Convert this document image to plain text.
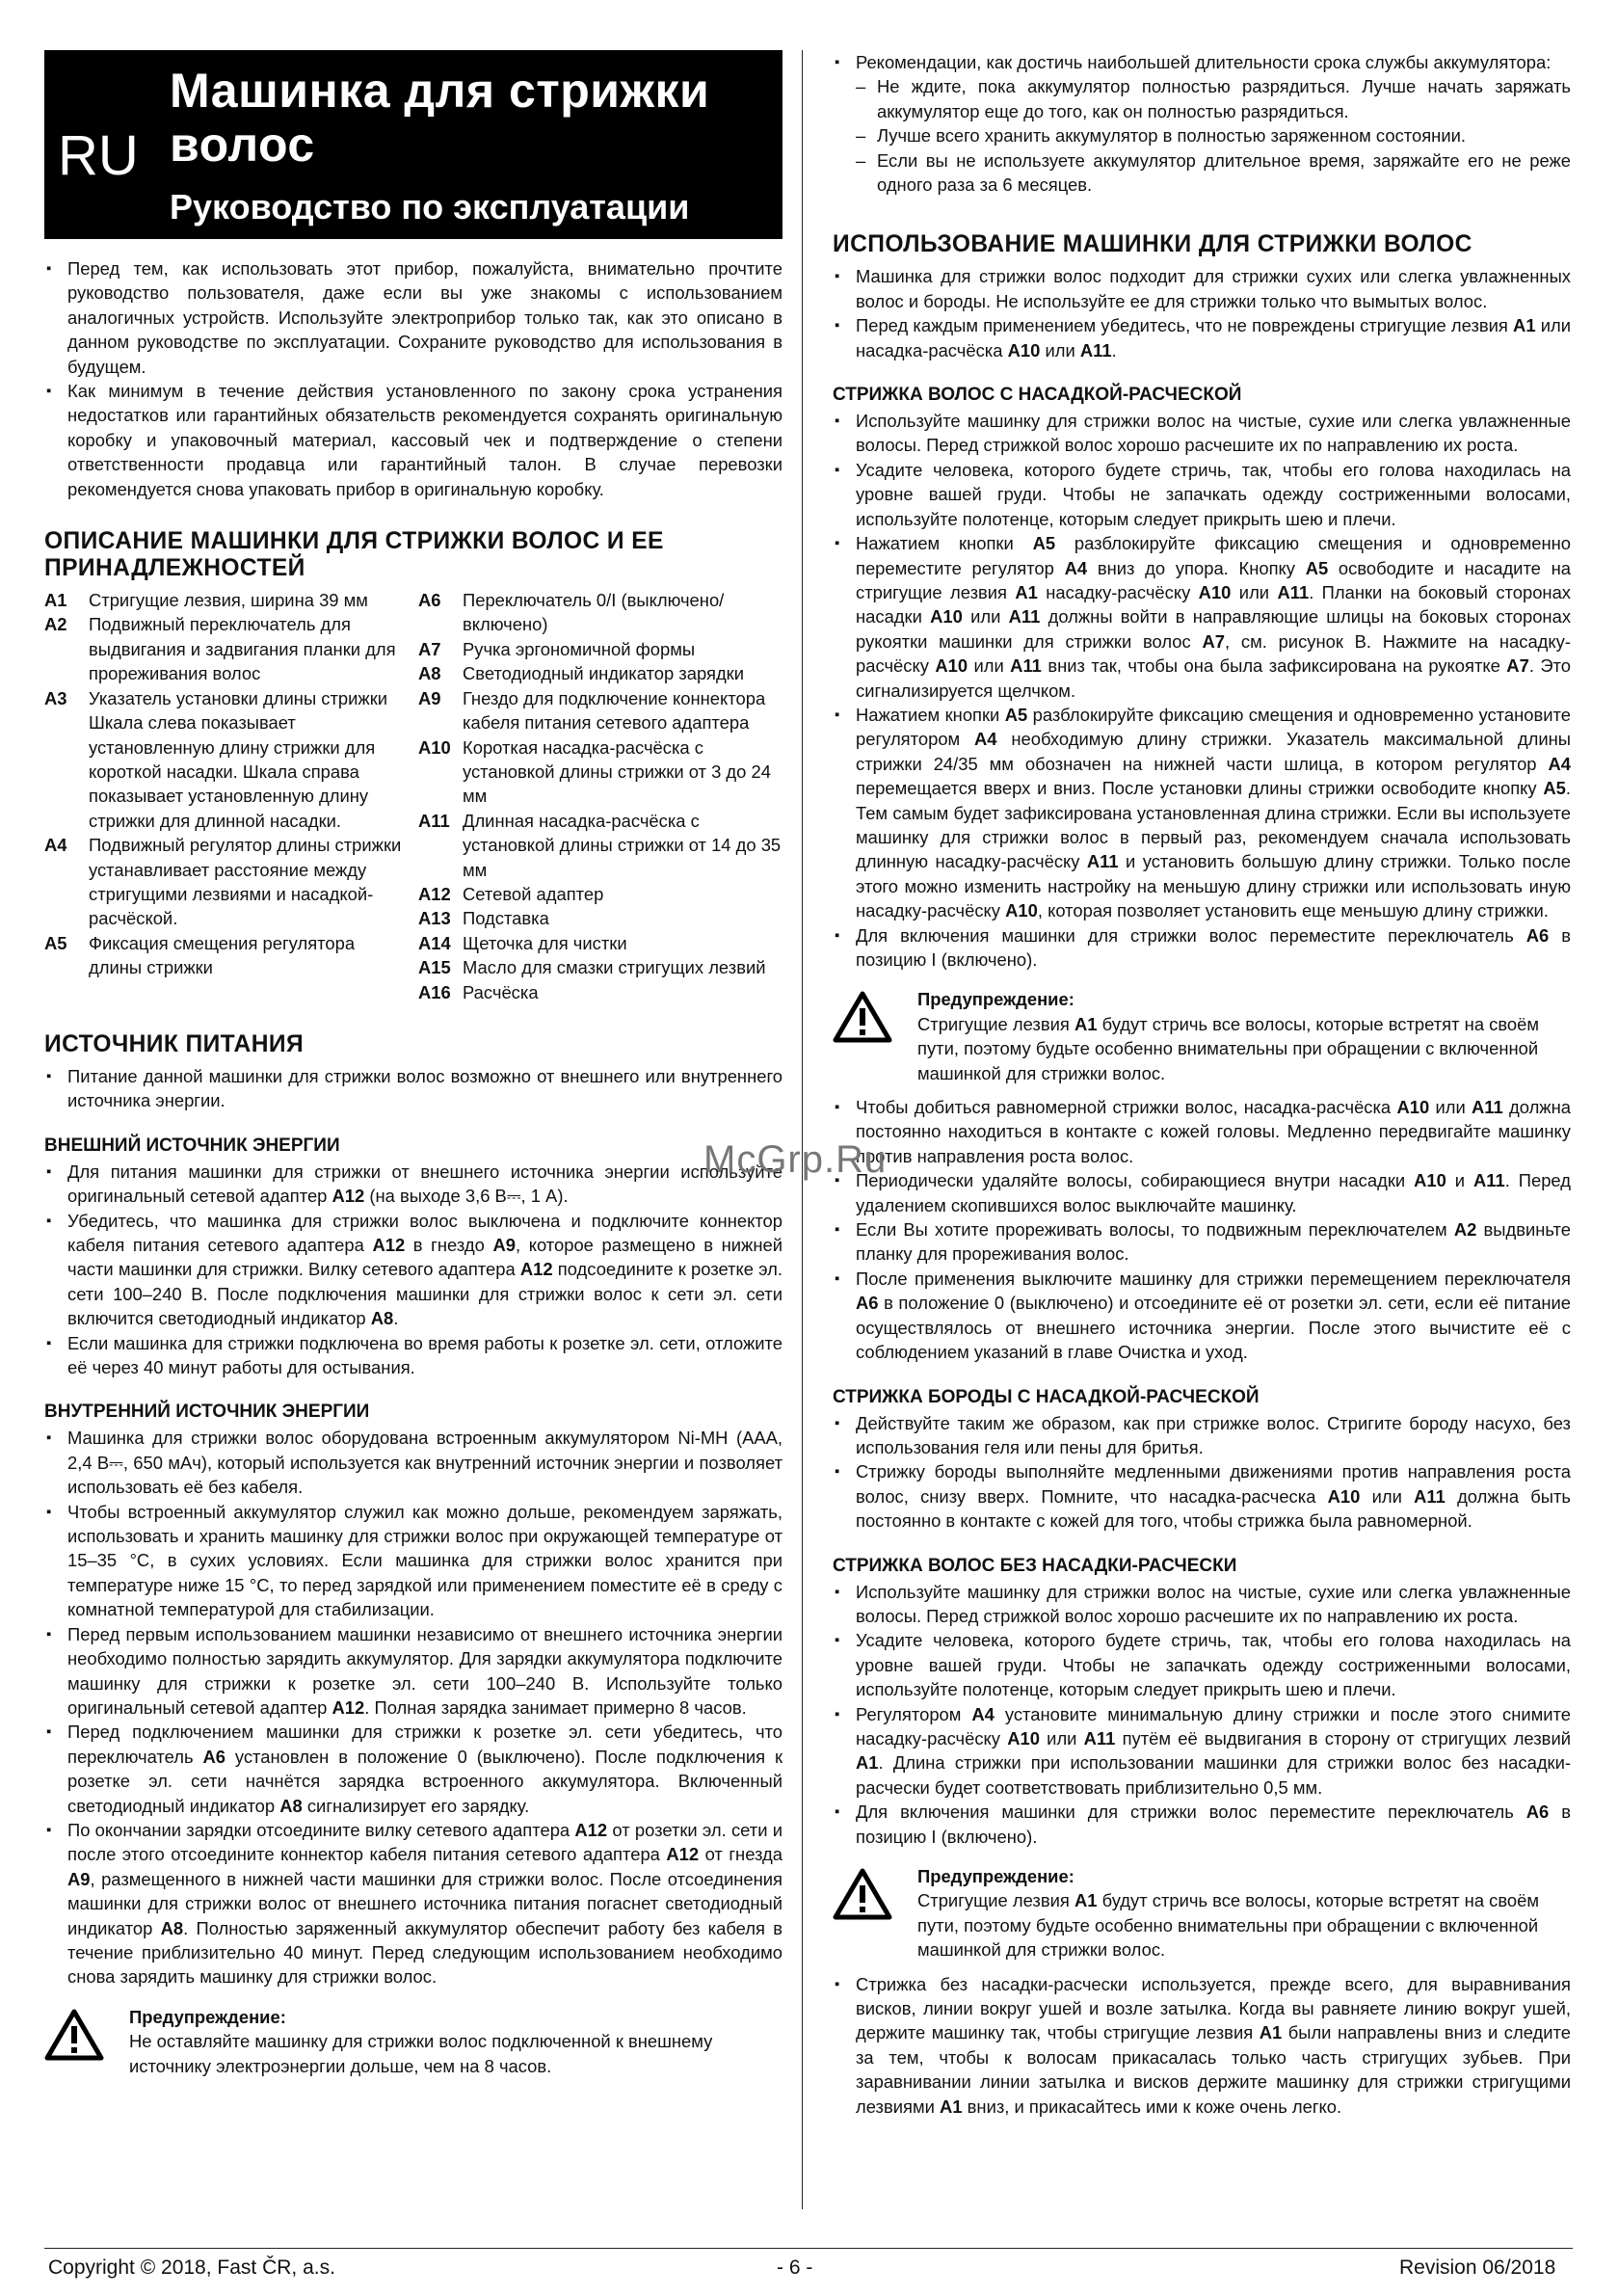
RU
Машинка для стрижки
волос
Руководство по эксплуатации
▪ Перед тем, как использовать этот прибор, пожалуйста, внимательно прочтите руководство пользователя, даже если вы уже знакомы с использованием аналогичных устройств. Используйте электроприбор только так, как это описано в данном руководстве по эксплуатации. Сохраните руководство для использования в будущем.
▪ Как минимум в течение действия установленного по закону срока устранения недостатков или гарантийных обязательств рекомендуется сохранять оригинальную коробку и упаковочный материал, кассовый чек и подтверждение о степени ответственности продавца или гарантийный талон. В случае перевозки рекомендуется снова упаковать прибор в оригинальную коробку.
ОПИСАНИЕ МАШИНКИ ДЛЯ СТРИЖКИ ВОЛОС И ЕЕ ПРИНАДЛЕЖНОСТЕЙ
A1	Стригущие лезвия, ширина 39 мм
A2	Подвижный переключатель для выдвигания и задвигания планки для прореживания волос
A3	Указатель установки длины стрижки Шкала слева показывает установленную длину стрижки для короткой насадки. Шкала справа показывает установленную длину стрижки для длинной насадки.
A4	Подвижный регулятор длины стрижки устанавливает расстояние между стригущими лезвиями и насадкой-расчёской.
A5	Фиксация смещения регулятора длины стрижки
A6	Переключатель 0/I (выключено/включено)
A7	Ручка эргономичной формы
A8	Светодиодный индикатор зарядки
A9	Гнездо для подключение коннектора кабеля питания сетевого адаптера
A10 Короткая насадка-расчёска с установкой длины стрижки от 3 до 24 мм
A11 Длинная насадка-расчёска с установкой длины стрижки от 14 до 35 мм
A12 Сетевой адаптер
A13 Подставка
A14 Щеточка для чистки
A15 Масло для смазки стригущих лезвий
A16 Расчёска
ИСТОЧНИК ПИТАНИЯ
▪ Питание данной машинки для стрижки волос возможно от внешнего или внутреннего источника энергии.
ВНЕШНИЙ ИСТОЧНИК ЭНЕРГИИ
▪ Для питания машинки для стрижки от внешнего источника энергии используйте оригинальный сетевой адаптер A12 (на выходе 3,6 В⎓, 1 А).
▪ Убедитесь, что машинка для стрижки волос выключена и подключите коннектор кабеля питания сетевого адаптера A12 в гнездо A9, которое размещено в нижней части машинки для стрижки. Вилку сетевого адаптера A12 подсоедините к розетке эл. сети 100–240 В. После подключения машинки для стрижки волос к сети эл. сети включится светодиодный индикатор A8.
▪ Если машинка для стрижки подключена во время работы к розетке эл. сети, отложите её через 40 минут работы для остывания.
ВНУТРЕННИЙ ИСТОЧНИК ЭНЕРГИИ
▪ Машинка для стрижки волос оборудована встроенным аккумулятором Ni-MH (AAA, 2,4 В⎓, 650 мАч), который используется как внутренний источник энергии и позволяет использовать её без кабеля.
▪ Чтобы встроенный аккумулятор служил как можно дольше, рекомендуем заряжать, использовать и хранить машинку для стрижки волос при окружающей температуре от 15–35 °C, в сухих условиях. Если машинка для стрижки волос хранится при температуре ниже 15 °C, то перед зарядкой или применением поместите её в среду с комнатной температурой для стабилизации.
▪ Перед первым использованием машинки независимо от внешнего источника энергии необходимо полностью зарядить аккумулятор. Для зарядки аккумулятора подключите машинку для стрижки к розетке эл. сети 100–240 В. Используйте только оригинальный сетевой адаптер A12. Полная зарядка занимает примерно 8 часов.
▪ Перед подключением машинки для стрижки к розетке эл. сети убедитесь, что переключатель A6 установлен в положение 0 (выключено). После подключения к розетке эл. сети начнётся зарядка встроенного аккумулятора. Включенный светодиодный индикатор A8 сигнализирует его зарядку.
▪ По окончании зарядки отсоедините вилку сетевого адаптера A12 от розетки эл. сети и после этого отсоедините коннектор кабеля питания сетевого адаптера A12 от гнезда A9, размещенного в нижней части машинки для стрижки волос. После отсоединения машинки для стрижки волос от внешнего источника питания погаснет светодиодный индикатор A8. Полностью заряженный аккумулятор обеспечит работу без кабеля в течение приблизительно 40 минут. Перед следующим использованием необходимо снова зарядить машинку для стрижки волос.
Предупреждение:
Не оставляйте машинку для стрижки волос подключенной к внешнему источнику электроэнергии дольше, чем на 8 часов.
▪ Рекомендации, как достичь наибольшей длительности срока службы аккумулятора:
– Не ждите, пока аккумулятор полностью разрядиться. Лучше начать заряжать аккумулятор еще до того, как он полностью разрядиться.
– Лучше всего хранить аккумулятор в полностью заряженном состоянии.
– Если вы не используете аккумулятор длительное время, заряжайте его не реже одного раза за 6 месяцев.
ИСПОЛЬЗОВАНИЕ МАШИНКИ ДЛЯ СТРИЖКИ ВОЛОС
▪ Машинка для стрижки волос подходит для стрижки сухих или слегка увлажненных волос и бороды. Не используйте ее для стрижки только что вымытых волос.
▪ Перед каждым применением убедитесь, что не повреждены стригущие лезвия A1 или насадка-расчёска A10 или A11.
СТРИЖКА ВОЛОС С НАСАДКОЙ-РАСЧЕСКОЙ
▪ Используйте машинку для стрижки волос на чистые, сухие или слегка увлажненные волосы. Перед стрижкой волос хорошо расчешите их по направлению их роста.
▪ Усадите человека, которого будете стричь, так, чтобы его голова находилась на уровне вашей груди. Чтобы не запачкать одежду состриженными волосами, используйте полотенце, которым следует прикрыть шею и плечи.
▪ Нажатием кнопки A5 разблокируйте фиксацию смещения и одновременно переместите регулятор A4 вниз до упора. Кнопку A5 освободите и насадите на стригущие лезвия A1 насадку-расчёску A10 или A11. Планки на боковый сторонах насадки A10 или A11 должны войти в направляющие шлицы на боковых сторонах рукоятки машинки для стрижки волос A7, см. рисунок B. Нажмите на насадку-расчёску A10 или A11 вниз так, чтобы она была зафиксирована на рукоятке A7. Это сигнализируется щелчком.
▪ Нажатием кнопки A5 разблокируйте фиксацию смещения и одновременно установите регулятором A4 необходимую длину стрижки. Указатель максимальной длины стрижки 24/35 мм обозначен на нижней части шлица, в котором регулятор A4 перемещается вверх и вниз. После установки длины стрижки освободите кнопку A5. Тем самым будет зафиксирована установленная длина стрижки. Если вы используете машинку для стрижки волос в первый раз, рекомендуем сначала использовать длинную насадку-расчёску A11 и установить большую длину стрижки. Только после этого можно изменить настройку на меньшую длину стрижки или использовать иную насадку-расчёску A10, которая позволяет установить еще меньшую длину стрижки.
▪ Для включения машинки для стрижки волос переместите переключатель A6 в позицию I (включено).
Предупреждение:
Стригущие лезвия A1 будут стричь все волосы, которые встретят на своём пути, поэтому будьте особенно внимательны при обращении с включенной машинкой для стрижки волос.
▪ Чтобы добиться равномерной стрижки волос, насадка-расчёска A10 или A11 должна постоянно находиться в контакте с кожей головы. Медленно передвигайте машинку против направления роста волос.
▪ Периодически удаляйте волосы, собирающиеся внутри насадки A10 и A11. Перед удалением скопившихся волос выключайте машинку.
▪ Если Вы хотите прореживать волосы, то подвижным переключателем A2 выдвиньте планку для прореживания волос.
▪ После применения выключите машинку для стрижки перемещением переключателя A6 в положение 0 (выключено) и отсоедините её от розетки эл. сети, если её питание осуществлялось от внешнего источника энергии. После этого вычистите её с соблюдением указаний в главе Очистка и уход.
СТРИЖКА БОРОДЫ С НАСАДКОЙ-РАСЧЕСКОЙ
▪ Действуйте таким же образом, как при стрижке волос. Стригите бороду насухо, без использования геля или пены для бритья.
▪ Стрижку бороды выполняйте медленными движениями против направления роста волос, снизу вверх. Помните, что насадка-расческа A10 или A11 должна быть постоянно в контакте с кожей для того, чтобы стрижка была равномерной.
СТРИЖКА ВОЛОС БЕЗ НАСАДКИ-РАСЧЕСКИ
▪ Используйте машинку для стрижки волос на чистые, сухие или слегка увлажненные волосы. Перед стрижкой волос хорошо расчешите их по направлению их роста.
▪ Усадите человека, которого будете стричь, так, чтобы его голова находилась на уровне вашей груди. Чтобы не запачкать одежду состриженными волосами, используйте полотенце, которым следует прикрыть шею и плечи.
▪ Регулятором A4 установите минимальную длину стрижки и после этого снимите насадку-расчёску A10 или A11 путём её выдвигания в сторону от стригущих лезвий A1. Длина стрижки при использовании машинки для стрижки волос без насадки-расчески будет соответствовать приблизительно 0,5 мм.
▪ Для включения машинки для стрижки волос переместите переключатель A6 в позицию I (включено).
Предупреждение:
Стригущие лезвия A1 будут стричь все волосы, которые встретят на своём пути, поэтому будьте особенно внимательны при обращении с включенной машинкой для стрижки волос.
▪ Стрижка без насадки-расчески используется, прежде всего, для выравнивания висков, линии вокруг ушей и возле затылка. Когда вы равняете линию вокруг ушей, держите машинку так, чтобы стригущие лезвия A1 были направлены вниз и следите за тем, чтобы к волосам прикасалась только часть стригущих зубьев. При заравнивании линии затылка и висков держите машинку для стрижки стригущими лезвиями A1 вниз, и прикасайтесь ими к коже очень легко.
McGrp.Ru
Copyright © 2018, Fast ČR, a.s.	- 6 -	Revision 06/2018
